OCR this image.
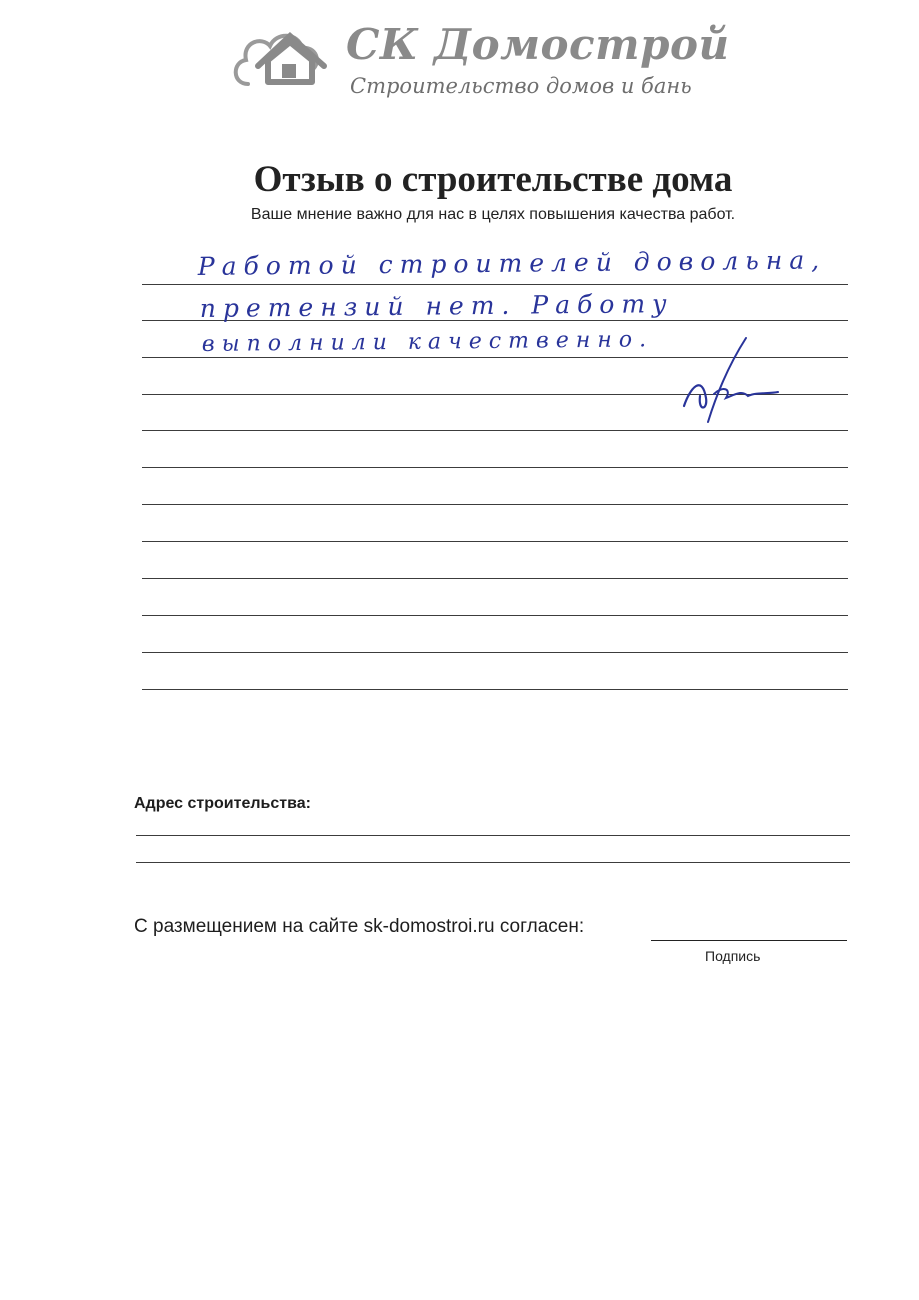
СК Домострой
Строительство домов и бань
Отзыв о строительстве дома
Ваше мнение важно для нас в целях повышения качества работ.
Работой строителей довольна,
претензий нет. Работу
выполнили качественно.
Адрес строительства:
С размещением на сайте sk-domostroi.ru согласен:
Подпись
